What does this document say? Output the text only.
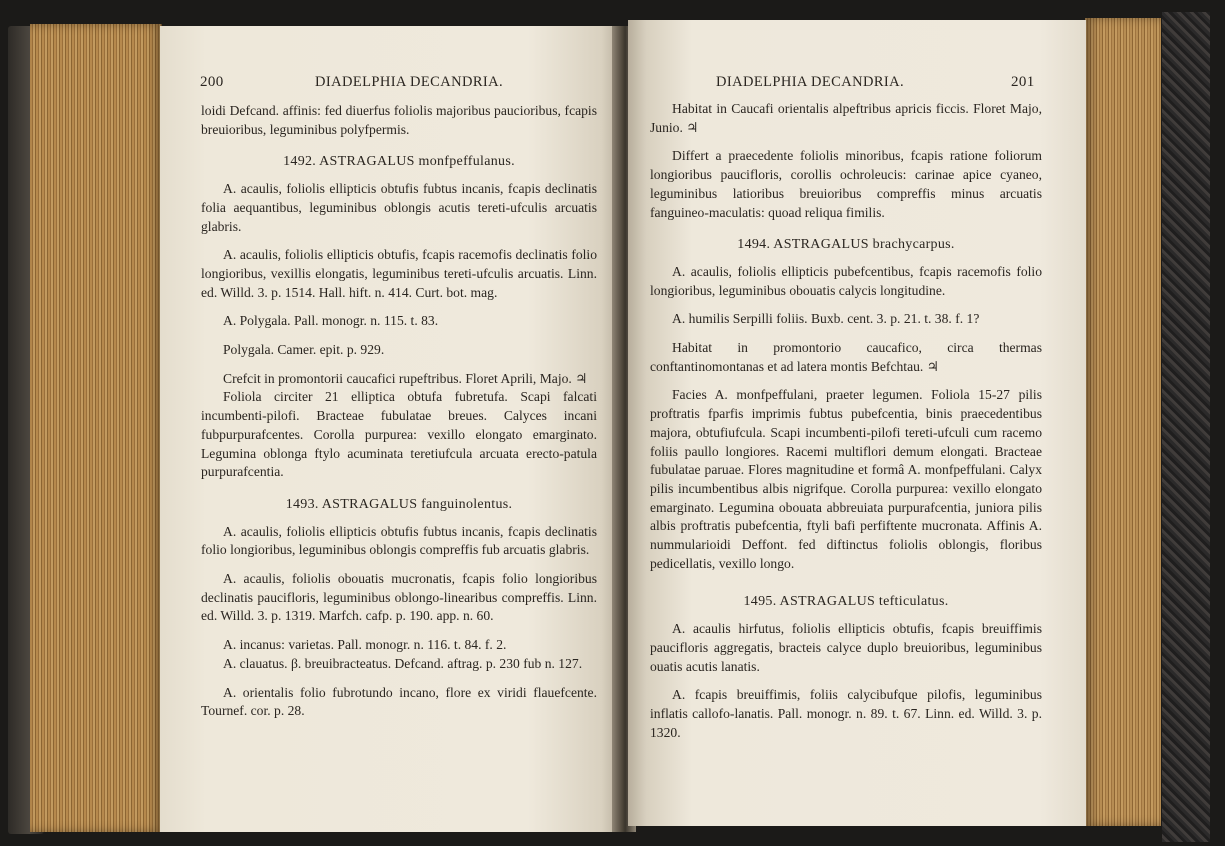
200	DIADELPHIA DECANDRIA.

loidi Defcand. affinis: fed diuerfus foliolis majoribus paucioribus, fcapis breuioribus, leguminibus polyfpermis.

1492. ASTRAGALUS monfpeffulanus.

A. acaulis, foliolis ellipticis obtufis fubtus incanis, fcapis declinatis folia aequantibus, leguminibus oblongis acutis tereti-ufculis arcuatis glabris.

A. acaulis, foliolis ellipticis obtufis, fcapis racemofis declinatis folio longioribus, vexillis elongatis, leguminibus tereti-ufculis arcuatis. Linn. ed. Willd. 3. p. 1514. Hall. hift. n. 414. Curt. bot. mag.

A. Polygala. Pall. monogr. n. 115. t. 83.

Polygala. Camer. epit. p. 929.

Crefcit in promontorii caucafici rupeftribus. Floret Aprili, Majo. ♃

Foliola circiter 21 elliptica obtufa fubretufa. Scapi falcati incumbenti-pilofi. Bracteae fubulatae breues. Calyces incani fubpurpurafcentes. Corolla purpurea: vexillo elongato emarginato. Legumina oblonga ftylo acuminata teretiufcula arcuata erecto-patula purpurafcentia.

1493. ASTRAGALUS fanguinolentus.

A. acaulis, foliolis ellipticis obtufis fubtus incanis, fcapis declinatis folio longioribus, leguminibus oblongis compreffis fub arcuatis glabris.

A. acaulis, foliolis obouatis mucronatis, fcapis folio longioribus declinatis paucifloris, leguminibus oblongo-linearibus compreffis. Linn. ed. Willd. 3. p. 1319. Marfch. cafp. p. 190. app. n. 60.

A. incanus: varietas. Pall. monogr. n. 116. t. 84. f. 2.

A. clauatus. β. breuibracteatus. Defcand. aftrag. p. 230 fub n. 127.

A. orientalis folio fubrotundo incano, flore ex viridi flauefcente. Tournef. cor. p. 28.

DIADELPHIA DECANDRIA.	201

Habitat in Caucafi orientalis alpeftribus apricis ficcis. Floret Majo, Junio. ♃

Differt a praecedente foliolis minoribus, fcapis ratione foliorum longioribus paucifloris, corollis ochroleucis: carinae apice cyaneo, leguminibus latioribus breuioribus compreffis minus arcuatis fanguineo-maculatis: quoad reliqua fimilis.

1494. ASTRAGALUS brachycarpus.

A. acaulis, foliolis ellipticis pubefcentibus, fcapis racemofis folio longioribus, leguminibus obouatis calycis longitudine.

A. humilis Serpilli foliis. Buxb. cent. 3. p. 21. t. 38. f. 1?

Habitat in promontorio caucafico, circa thermas conftantinomontanas et ad latera montis Befchtau. ♃

Facies A. monfpeffulani, praeter legumen. Foliola 15-27 pilis proftratis fparfis imprimis fubtus pubefcentia, binis praecedentibus majora, obtufiufcula. Scapi incumbenti-pilofi tereti-ufculi cum racemo foliis paullo longiores. Racemi multiflori demum elongati. Bracteae fubulatae paruae. Flores magnitudine et formâ A. monfpeffulani. Calyx pilis incumbentibus albis nigrifque. Corolla purpurea: vexillo elongato emarginato. Legumina obouata abbreuiata purpurafcentia, juniora pilis albis proftratis pubefcentia, ftyli bafi perfiftente mucronata. Affinis A. nummularioidi Deffont. fed diftinctus foliolis oblongis, floribus pedicellatis, vexillo longo.

1495. ASTRAGALUS tefticulatus.

A. acaulis hirfutus, foliolis ellipticis obtufis, fcapis breuiffimis paucifloris aggregatis, bracteis calyce duplo breuioribus, leguminibus ouatis acutis lanatis.

A. fcapis breuiffimis, foliis calycibufque pilofis, leguminibus inflatis callofo-lanatis. Pall. monogr. n. 89. t. 67. Linn. ed. Willd. 3. p. 1320.
